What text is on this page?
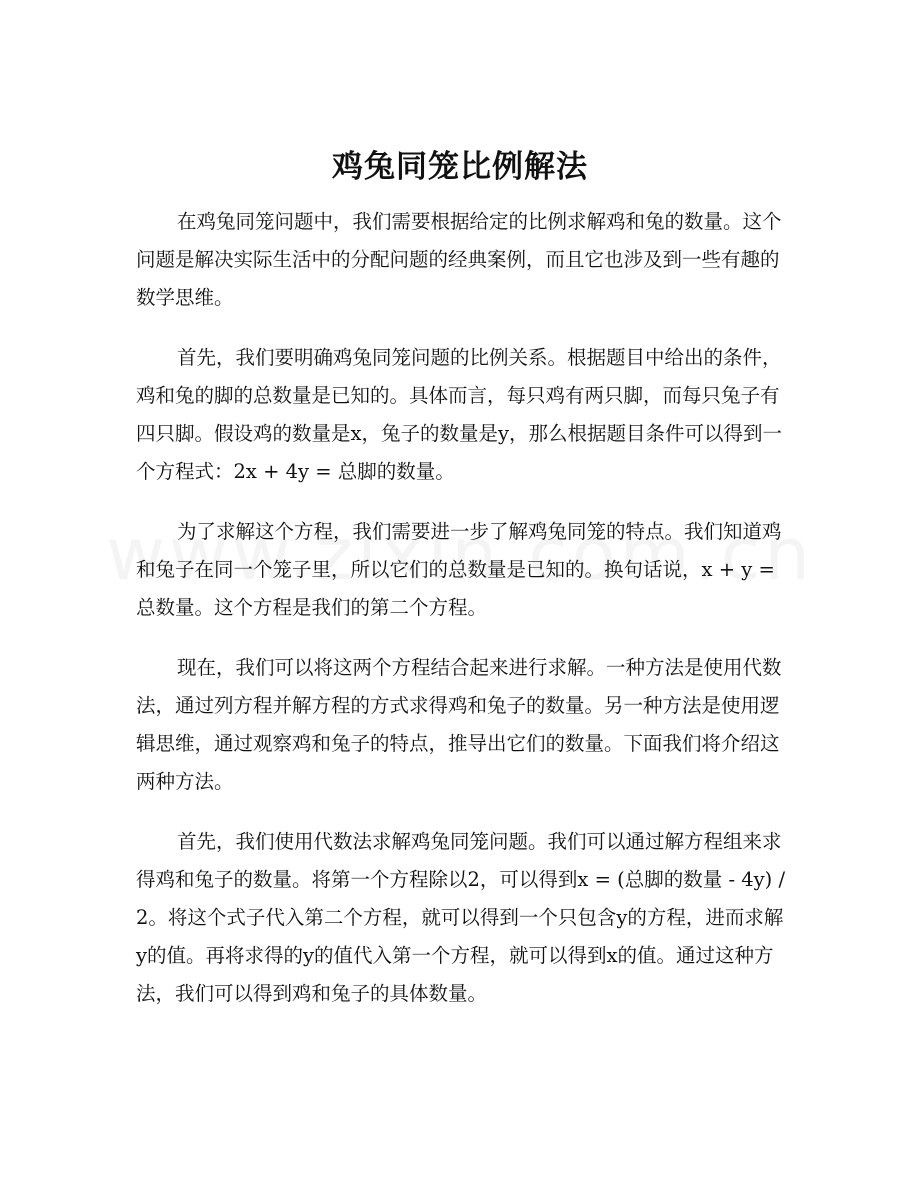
鸡兔同笼比例解法

在鸡兔同笼问题中，我们需要根据给定的比例求解鸡和兔的数量。这个问题是解决实际生活中的分配问题的经典案例，而且它也涉及到一些有趣的数学思维。

首先，我们要明确鸡兔同笼问题的比例关系。根据题目中给出的条件，鸡和兔的脚的总数量是已知的。具体而言，每只鸡有两只脚，而每只兔子有四只脚。假设鸡的数量是x，兔子的数量是y，那么根据题目条件可以得到一个方程式：2x + 4y = 总脚的数量。

为了求解这个方程，我们需要进一步了解鸡兔同笼的特点。我们知道鸡和兔子在同一个笼子里，所以它们的总数量是已知的。换句话说，x + y = 总数量。这个方程是我们的第二个方程。

现在，我们可以将这两个方程结合起来进行求解。一种方法是使用代数法，通过列方程并解方程的方式求得鸡和兔子的数量。另一种方法是使用逻辑思维，通过观察鸡和兔子的特点，推导出它们的数量。下面我们将介绍这两种方法。

首先，我们使用代数法求解鸡兔同笼问题。我们可以通过解方程组来求得鸡和兔子的数量。将第一个方程除以2，可以得到x = (总脚的数量 - 4y) / 2。将这个式子代入第二个方程，就可以得到一个只包含y的方程，进而求解y的值。再将求得的y的值代入第一个方程，就可以得到x的值。通过这种方法，我们可以得到鸡和兔子的具体数量。
